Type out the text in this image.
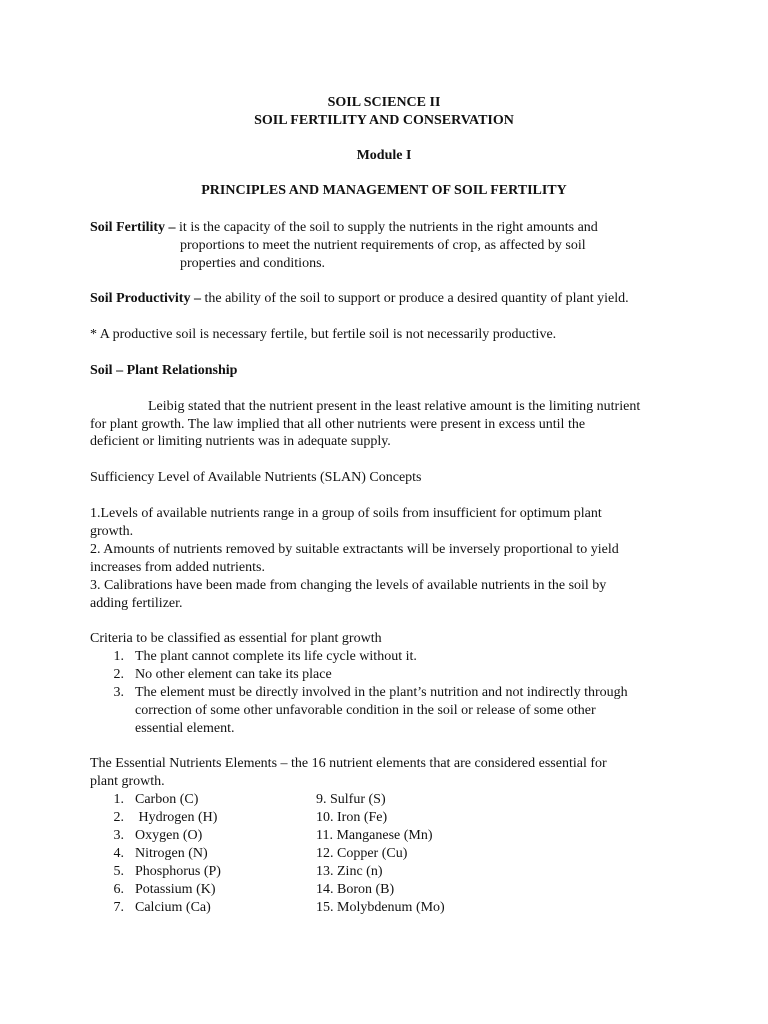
SOIL SCIENCE II
SOIL FERTILITY AND CONSERVATION
Module I
PRINCIPLES AND MANAGEMENT OF SOIL FERTILITY
Soil Fertility – it is the capacity of the soil to supply the nutrients in the right amounts and
proportions to meet the nutrient requirements of crop, as affected by soil
properties and conditions.
Soil Productivity – the ability of the soil to support or produce a desired quantity of plant yield.
* A productive soil is necessary fertile, but fertile soil is not necessarily productive.
Soil – Plant Relationship
Leibig stated that the nutrient present in the least relative amount is the limiting nutrient
for plant growth. The law implied that all other nutrients were present in excess until the
deficient or limiting nutrients was in adequate supply.
Sufficiency Level of Available Nutrients (SLAN) Concepts
1.Levels of available nutrients range in a group of soils from insufficient for optimum plant
growth.
2. Amounts of nutrients removed by suitable extractants will be inversely proportional to yield
increases from added nutrients.
3. Calibrations have been made from changing the levels of available nutrients in the soil by
adding fertilizer.
Criteria to be classified as essential for plant growth
1. The plant cannot complete its life cycle without it.
2. No other element can take its place
3. The element must be directly involved in the plant’s nutrition and not indirectly through
correction of some other unfavorable condition in the soil or release of some other
essential element.
The Essential Nutrients Elements – the 16 nutrient elements that are considered essential for
plant growth.
1. Carbon (C)
2. Hydrogen (H)
3. Oxygen (O)
4. Nitrogen (N)
5. Phosphorus (P)
6. Potassium (K)
7. Calcium (Ca)
9. Sulfur (S)
10. Iron (Fe)
11. Manganese (Mn)
12. Copper (Cu)
13. Zinc (n)
14. Boron (B)
15. Molybdenum (Mo)
